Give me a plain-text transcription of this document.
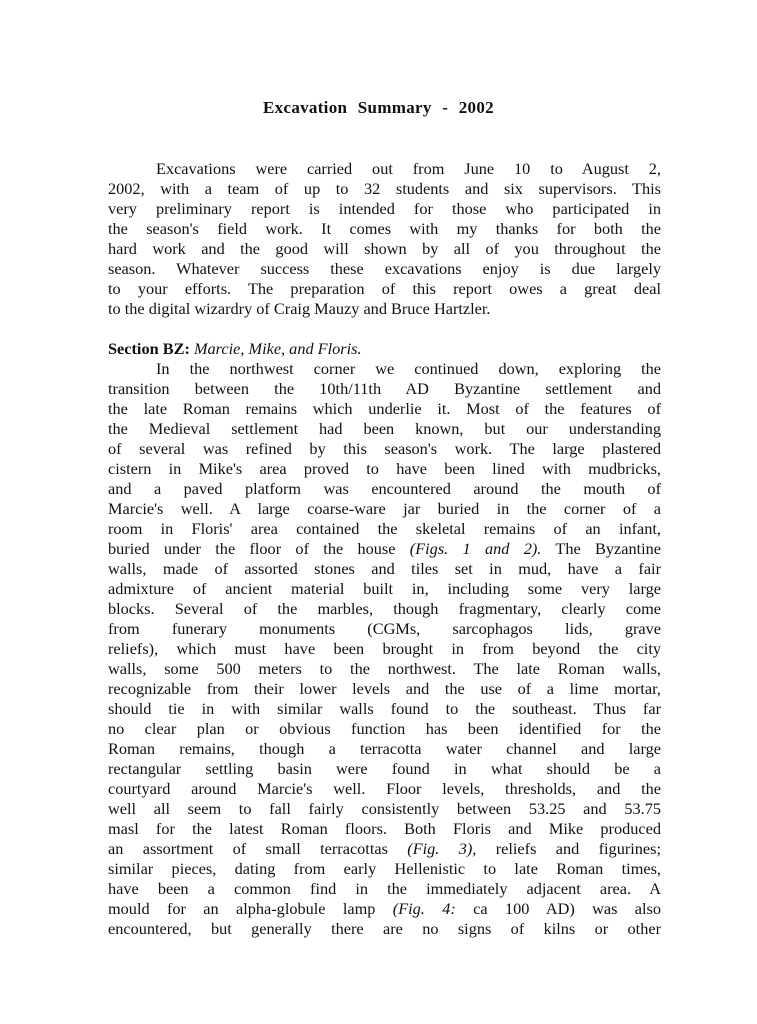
Excavation Summary - 2002
Excavations were carried out from June 10 to August 2,
2002, with a team of up to 32 students and six supervisors. This
very preliminary report is intended for those who participated in
the season's field work. It comes with my thanks for both the
hard work and the good will shown by all of you throughout the
season. Whatever success these excavations enjoy is due largely
to your efforts. The preparation of this report owes a great deal
to the digital wizardry of Craig Mauzy and Bruce Hartzler.
Section BZ: Marcie, Mike, and Floris.
In the northwest corner we continued down, exploring the
transition between the 10th/11th AD Byzantine settlement and
the late Roman remains which underlie it. Most of the features of
the Medieval settlement had been known, but our understanding
of several was refined by this season's work. The large plastered
cistern in Mike's area proved to have been lined with mudbricks,
and a paved platform was encountered around the mouth of
Marcie's well. A large coarse-ware jar buried in the corner of a
room in Floris' area contained the skeletal remains of an infant,
buried under the floor of the house (Figs. 1 and 2). The Byzantine
walls, made of assorted stones and tiles set in mud, have a fair
admixture of ancient material built in, including some very large
blocks. Several of the marbles, though fragmentary, clearly come
from funerary monuments (CGMs, sarcophagos lids, grave
reliefs), which must have been brought in from beyond the city
walls, some 500 meters to the northwest. The late Roman walls,
recognizable from their lower levels and the use of a lime mortar,
should tie in with similar walls found to the southeast. Thus far
no clear plan or obvious function has been identified for the
Roman remains, though a terracotta water channel and large
rectangular settling basin were found in what should be a
courtyard around Marcie's well. Floor levels, thresholds, and the
well all seem to fall fairly consistently between 53.25 and 53.75
masl for the latest Roman floors. Both Floris and Mike produced
an assortment of small terracottas (Fig. 3), reliefs and figurines;
similar pieces, dating from early Hellenistic to late Roman times,
have been a common find in the immediately adjacent area. A
mould for an alpha-globule lamp (Fig. 4: ca 100 AD) was also
encountered, but generally there are no signs of kilns or other
